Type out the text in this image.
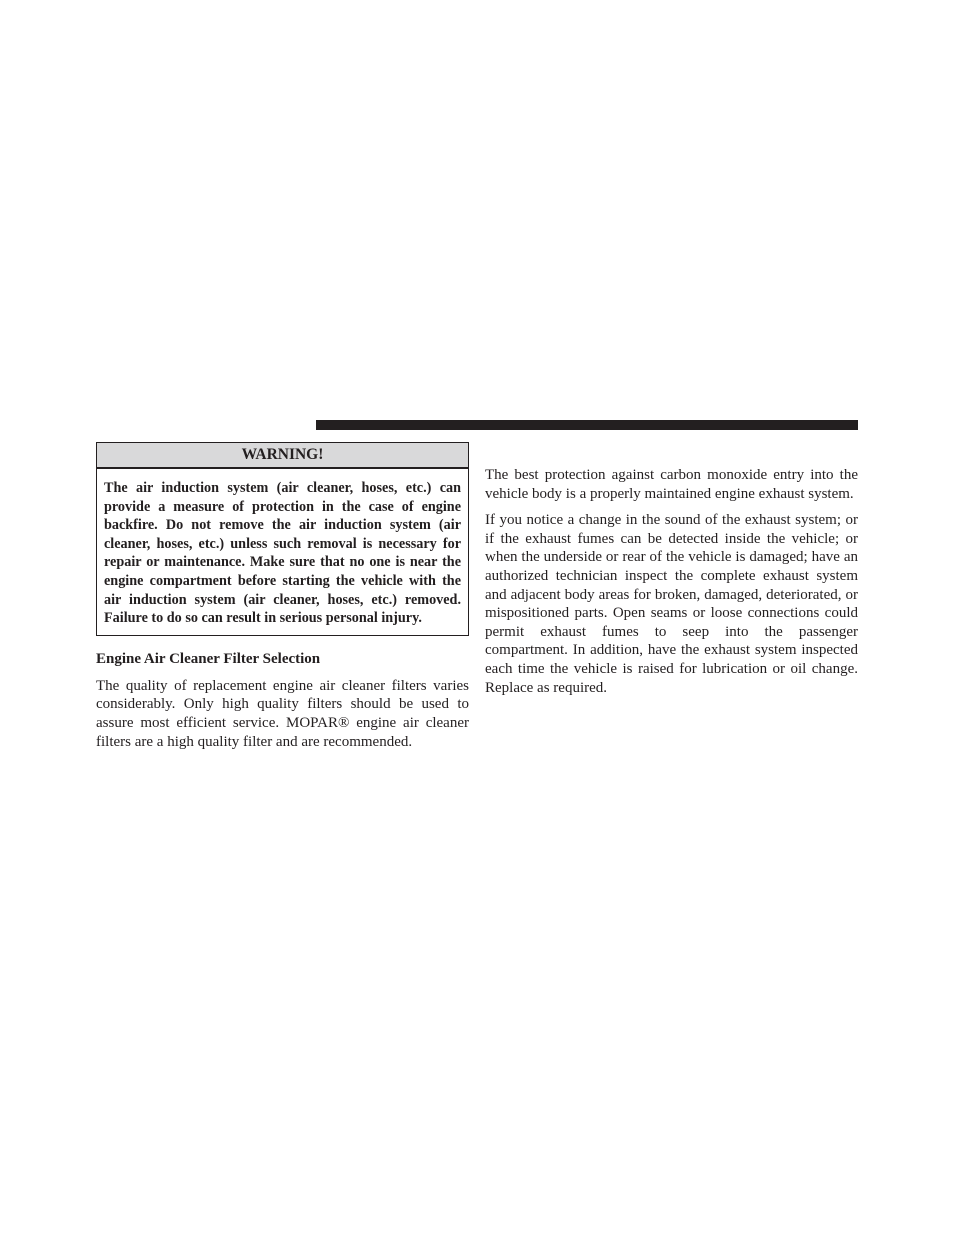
WARNING!
The air induction system (air cleaner, hoses, etc.) can provide a measure of protection in the case of engine backfire. Do not remove the air induction system (air cleaner, hoses, etc.) unless such removal is necessary for repair or maintenance. Make sure that no one is near the engine compartment before starting the vehicle with the air induction system (air cleaner, hoses, etc.) removed. Failure to do so can result in serious personal injury.
Engine Air Cleaner Filter Selection

The quality of replacement engine air cleaner filters varies considerably. Only high quality filters should be used to assure most efficient service. MOPAR® engine air cleaner filters are a high quality filter and are recommended.

The best protection against carbon monoxide entry into the vehicle body is a properly maintained engine exhaust system.

If you notice a change in the sound of the exhaust system; or if the exhaust fumes can be detected inside the vehicle; or when the underside or rear of the vehicle is damaged; have an authorized technician inspect the complete exhaust system and adjacent body areas for broken, damaged, deteriorated, or mispositioned parts. Open seams or loose connections could permit exhaust fumes to seep into the passenger compartment. In addition, have the exhaust system inspected each time the vehicle is raised for lubrication or oil change. Replace as required.
